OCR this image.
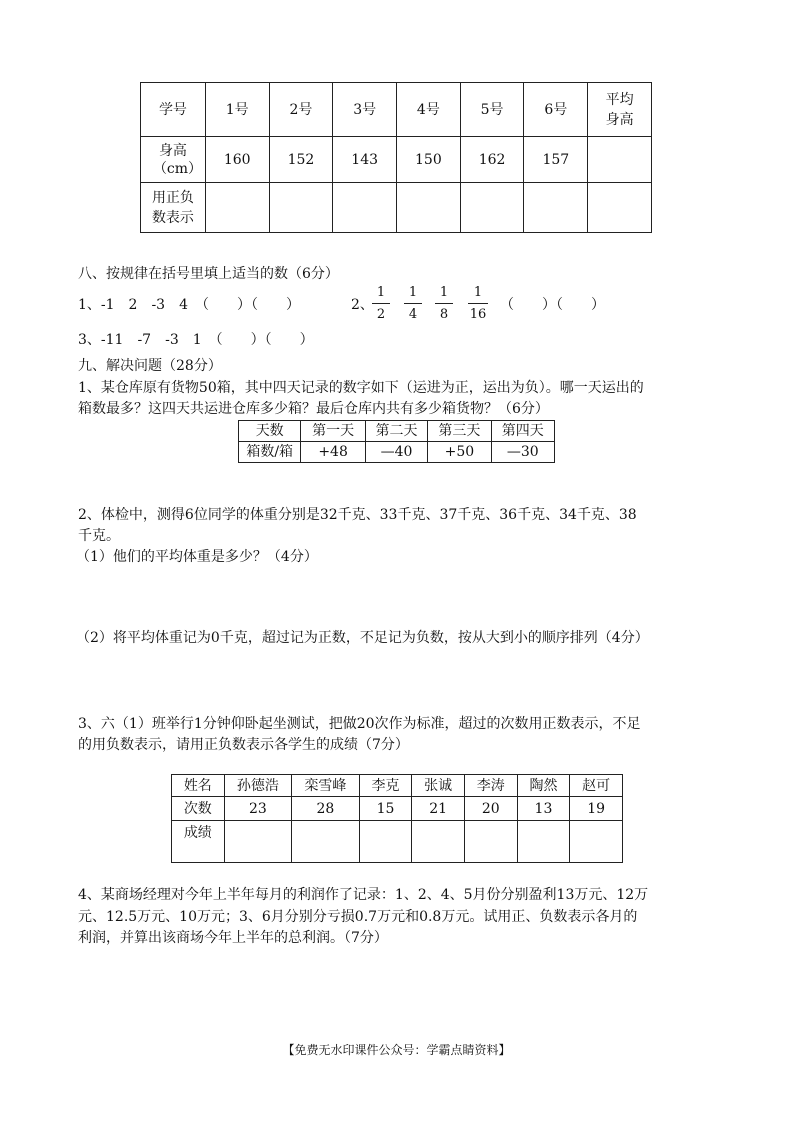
学号	1号	2号	3号	4号	5号	6号	平均身高

身高（cm）	160	152	143	150	162	157	

用正负数表示							

八、按规律在括号里填上适当的数（6分）
1、-1　2　-3　4　（　　）（　　）	2、
$\frac{1}{2} \frac{1}{4} \frac{1}{8} \frac{1}{16}$ （　　）（　　）
3、-11　-7　-3　1　（　　）（　　）
九、解决问题（28分）
1、某仓库原有货物50箱，其中四天记录的数字如下（运进为正，运出为负）。哪一天运出的
箱数最多？这四天共运进仓库多少箱？最后仓库内共有多少箱货物？（6分）
天数	第一天	第二天	第三天	第四天
箱数/箱	+48	—40	+50	—30
2、体检中，测得6位同学的体重分别是32千克、33千克、37千克、36千克、34千克、38
千克。
（1）他们的平均体重是多少？（4分）
（2）将平均体重记为0千克，超过记为正数，不足记为负数，按从大到小的顺序排列（4分）
3、六（1）班举行1分钟仰卧起坐测试，把做20次作为标准，超过的次数用正数表示，不足
的用负数表示，请用正负数表示各学生的成绩（7分）
姓名	孙德浩	栾雪峰	李克	张诚	李涛	陶然	赵可
次数	23	28	15	21	20	13	19
成绩							
4、某商场经理对今年上半年每月的利润作了记录：1、2、4、5月份分别盈利13万元、12万
元、12.5万元、10万元；3、6月分别分亏损0.7万元和0.8万元。试用正、负数表示各月的
利润，并算出该商场今年上半年的总利润。（7分）
【免费无水印课件公众号：学霸点睛资料】
